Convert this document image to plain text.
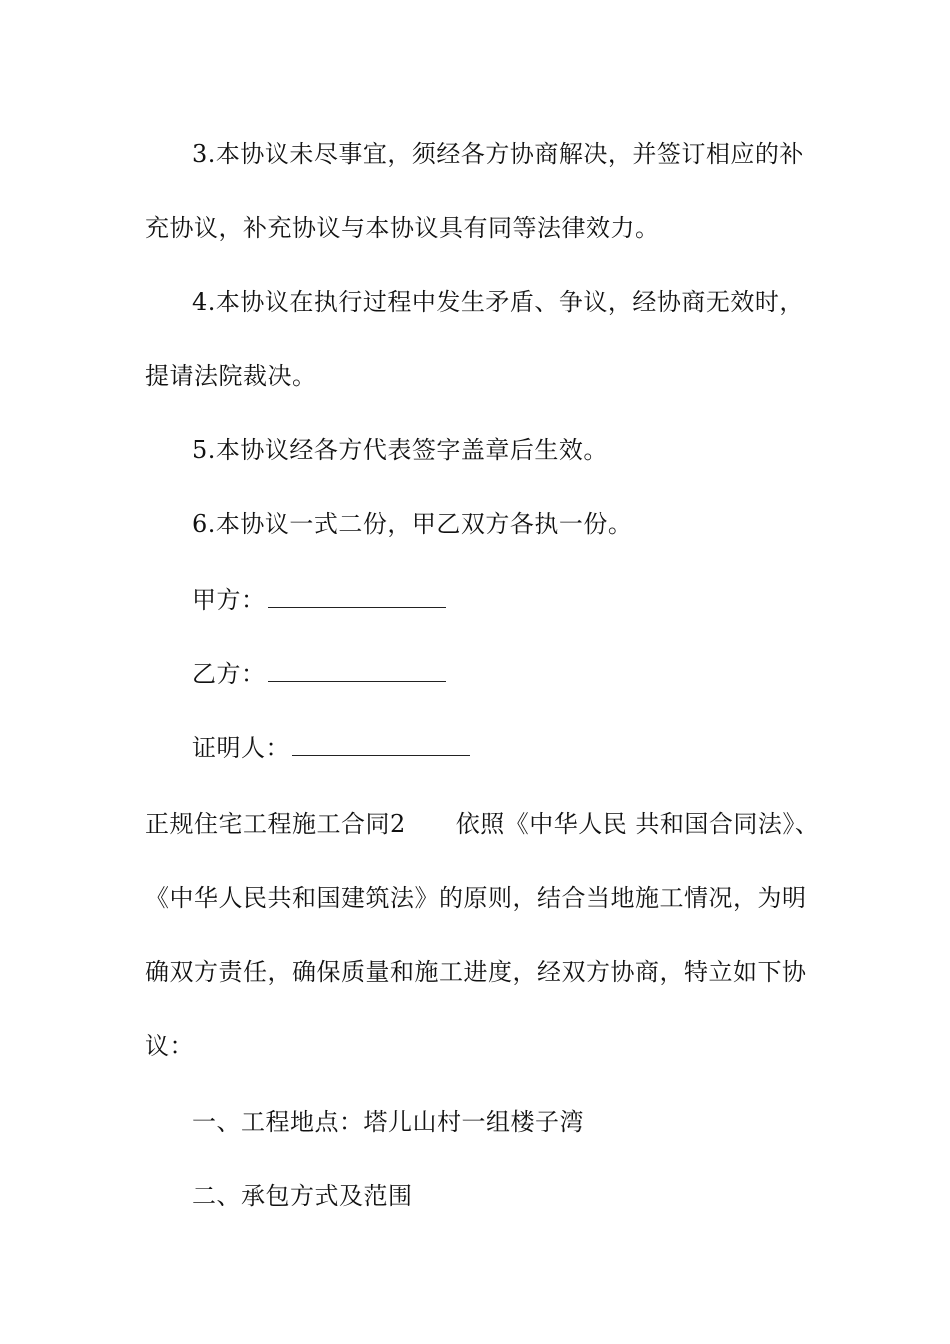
3.本协议未尽事宜，须经各方协商解决，并签订相应的补
充协议，补充协议与本协议具有同等法律效力。
4.本协议在执行过程中发生矛盾、争议，经协商无效时，
提请法院裁决。
5.本协议经各方代表签字盖章后生效。
6.本协议一式二份，甲乙双方各执一份。
甲方：
乙方：
证明人：
正规住宅工程施工合同2 依照《中华人民 共和国合同法》、
《中华人民共和国建筑法》的原则，结合当地施工情况，为明
确双方责任，确保质量和施工进度，经双方协商，特立如下协
议：
一、工程地点：塔儿山村一组楼子湾
二、承包方式及范围
